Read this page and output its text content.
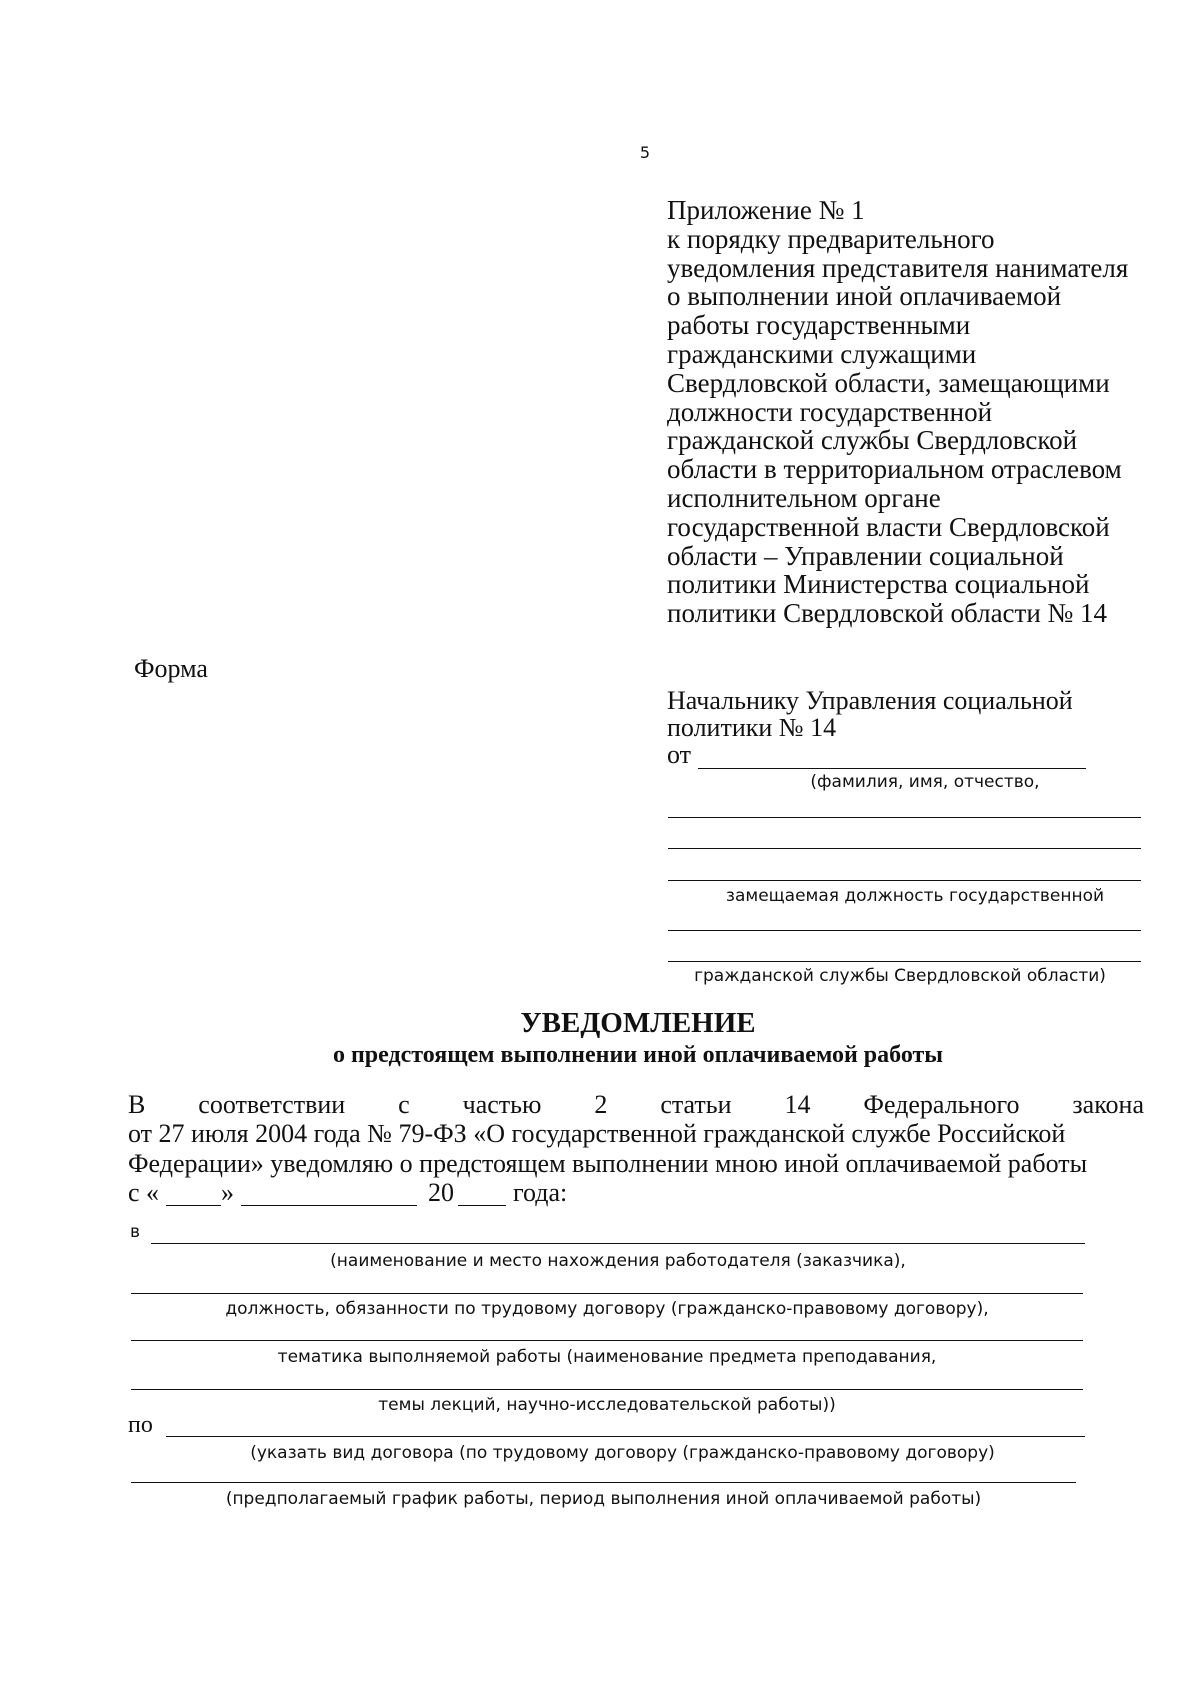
5
Приложение № 1
к порядку предварительного
уведомления представителя нанимателя
о выполнении иной оплачиваемой
работы государственными
гражданскими служащими
Свердловской области, замещающими
должности государственной
гражданской службы Свердловской
области в территориальном отраслевом
исполнительном органе
государственной власти Свердловской
области – Управлении социальной
политики Министерства социальной
политики Свердловской области № 14
Форма
Начальнику Управления социальной
политики № 14
от
(фамилия, имя, отчество,
замещаемая должность государственной
гражданской службы Свердловской области)
УВЕДОМЛЕНИЕ
о предстоящем выполнении иной оплачиваемой работы
В соответствии с частью 2 статьи 14 Федерального закона
от 27 июля 2004 года № 79-ФЗ «О государственной гражданской службе Российской
Федерации» уведомляю о предстоящем выполнении мною иной оплачиваемой работы
с « »	20 года:
в
(наименование и место нахождения работодателя (заказчика),
должность, обязанности по трудовому договору (гражданско-правовому договору),
тематика выполняемой работы (наименование предмета преподавания,
темы лекций, научно-исследовательской работы))
по
(указать вид договора (по трудовому договору (гражданско-правовому договору)
(предполагаемый график работы, период выполнения иной оплачиваемой работы)
